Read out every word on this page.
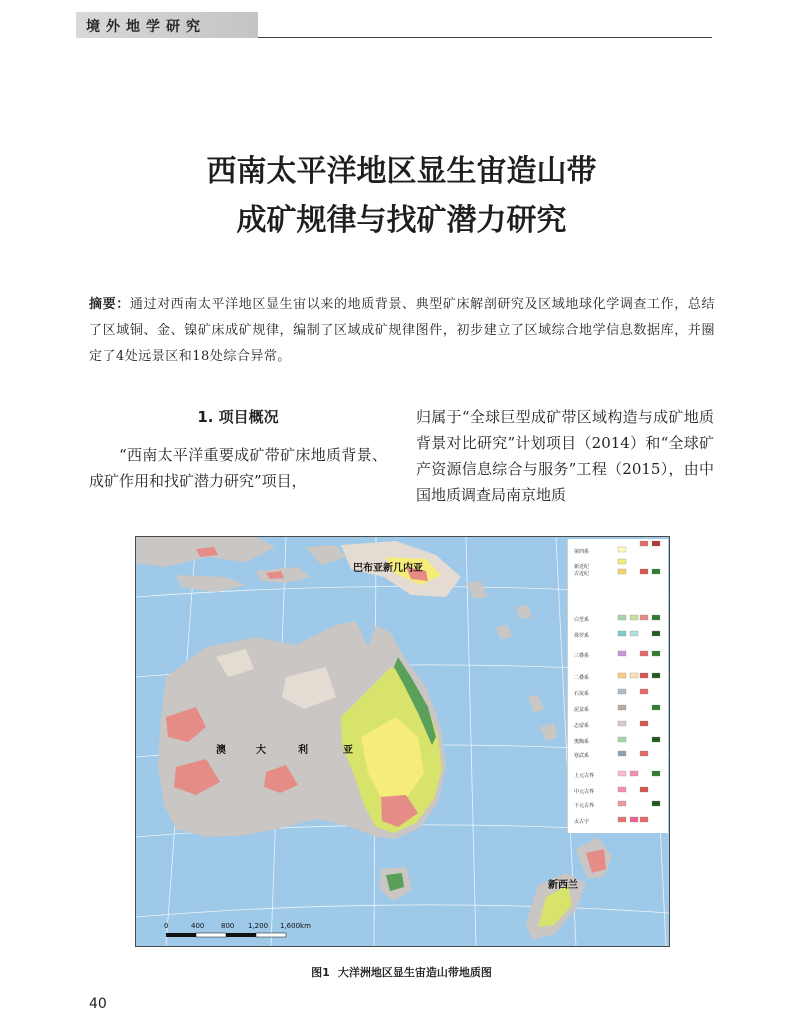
境外地学研究
西南太平洋地区显生宙造山带
成矿规律与找矿潜力研究
摘要：通过对西南太平洋地区显生宙以来的地质背景、典型矿床解剖研究及区域地球化学调查工作，总结了区域铜、金、镍矿床成矿规律，编制了区域成矿规律图件，初步建立了区域综合地学信息数据库，并圈定了4处远景区和18处综合异常。
1. 项目概况

“西南太平洋重要成矿带矿床地质背景、成矿作用和找矿潜力研究”项目，

归属于“全球巨型成矿带区域构造与成矿地质背景对比研究”计划项目（2014）和“全球矿产资源信息综合与服务”工程（2015），由中国地质调查局南京地质

巴布亚新几内亚
新西兰
澳	大	利	亚
第四系
新近纪
古近纪
白垩系
侏罗系
三叠系
二叠系
石炭系
泥盆系
志留系
奥陶系
寒武系
上元古界
中元古界
下元古界
太古宇
0	400 800 1,200 1,600km
图1 大洋洲地区显生宙造山带地质图
40
